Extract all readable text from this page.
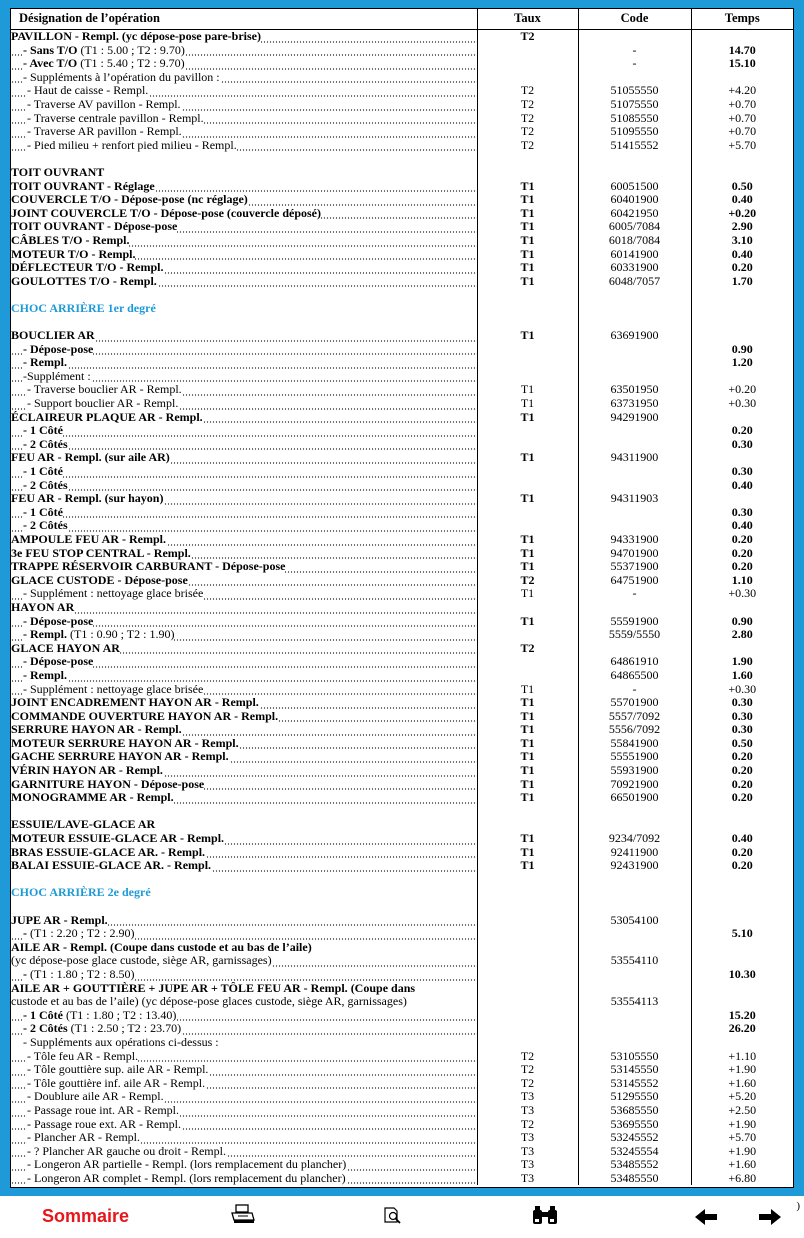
Désignation de l’opération	Taux	Code	Temps
PAVILLON - Rempl. (yc dépose-pose pare-brise)	T2		
- Sans T/O (T1 : 5.00 ; T2 : 9.70)		-	14.70
- Avec T/O (T1 : 5.40 ; T2 : 9.70)		-	15.10
- Suppléments à l’opération du pavillon :			
- Haut de caisse - Rempl.	T2	51055550	+4.20
- Traverse AV pavillon - Rempl.	T2	51075550	+0.70
- Traverse centrale pavillon - Rempl.	T2	51085550	+0.70
- Traverse AR pavillon - Rempl.	T2	51095550	+0.70
- Pied milieu + renfort pied milieu - Rempl.	T2	51415552	+5.70

TOIT OUVRANT			
TOIT OUVRANT - Réglage	T1	60051500	0.50
COUVERCLE T/O - Dépose-pose (nc réglage)	T1	60401900	0.40
JOINT COUVERCLE T/O - Dépose-pose (couvercle déposé)	T1	60421950	+0.20
TOIT OUVRANT - Dépose-pose	T1	6005/7084	2.90
CÂBLES T/O - Rempl.	T1	6018/7084	3.10
MOTEUR T/O - Rempl.	T1	60141900	0.40
DÉFLECTEUR T/O - Rempl.	T1	60331900	0.20
GOULOTTES T/O - Rempl.	T1	6048/7057	1.70

CHOC ARRIÈRE 1er degré			

BOUCLIER AR	T1	63691900	
- Dépose-pose			0.90
- Rempl.			1.20
-Supplément :			
- Traverse bouclier AR - Rempl.	T1	63501950	+0.20
- Support bouclier AR - Rempl.	T1	63731950	+0.30
ÉCLAIREUR PLAQUE AR - Rempl.	T1	94291900	
- 1 Côté			0.20
- 2 Côtés			0.30
FEU AR - Rempl. (sur aile AR)	T1	94311900	
- 1 Côté			0.30
- 2 Côtés			0.40
FEU AR - Rempl. (sur hayon)	T1	94311903	
- 1 Côté			0.30
- 2 Côtés			0.40
AMPOULE FEU AR - Rempl.	T1	94331900	0.20
3e FEU STOP CENTRAL - Rempl.	T1	94701900	0.20
TRAPPE RÉSERVOIR CARBURANT - Dépose-pose	T1	55371900	0.20
GLACE CUSTODE - Dépose-pose	T2	64751900	1.10
- Supplément : nettoyage glace brisée	T1	-	+0.30
HAYON AR			
- Dépose-pose	T1	55591900	0.90
- Rempl. (T1 : 0.90 ; T2 : 1.90)		5559/5550	2.80
GLACE HAYON AR	T2		
- Dépose-pose		64861910	1.90
- Rempl.		64865500	1.60
- Supplément : nettoyage glace brisée	T1	-	+0.30
JOINT ENCADREMENT HAYON AR - Rempl.	T1	55701900	0.30
COMMANDE OUVERTURE HAYON AR - Rempl.	T1	5557/7092	0.30
SERRURE HAYON AR - Rempl.	T1	5556/7092	0.30
MOTEUR SERRURE HAYON AR - Rempl.	T1	55841900	0.50
GACHE SERRURE HAYON AR - Rempl.	T1	55551900	0.20
VÉRIN HAYON AR - Rempl.	T1	55931900	0.20
GARNITURE HAYON - Dépose-pose	T1	70921900	0.20
MONOGRAMME AR - Rempl.	T1	66501900	0.20

ESSUIE/LAVE-GLACE AR			
MOTEUR ESSUIE-GLACE AR - Rempl.	T1	9234/7092	0.40
BRAS ESSUIE-GLACE AR. - Rempl.	T1	92411900	0.20
BALAI ESSUIE-GLACE AR. - Rempl.	T1	92431900	0.20

CHOC ARRIÈRE 2e degré			

JUPE AR - Rempl.		53054100	
- (T1 : 2.20 ; T2 : 2.90)			5.10
AILE AR - Rempl. (Coupe dans custode et au bas de l’aile)			
(yc dépose-pose glace custode, siège AR, garnissages)		53554110	
- (T1 : 1.80 ; T2 : 8.50)			10.30
AILE AR + GOUTTIÈRE + JUPE AR + TÔLE FEU AR - Rempl. (Coupe dans			
custode et au bas de l’aile) (yc dépose-pose glaces custode, siège AR, garnissages)		53554113	
- 1 Côté (T1 : 1.80 ; T2 : 13.40)			15.20
- 2 Côtés (T1 : 2.50 ; T2 : 23.70)			26.20
- Suppléments aux opérations ci-dessus :			
- Tôle feu AR - Rempl.	T2	53105550	+1.10
- Tôle gouttière sup. aile AR - Rempl.	T2	53145550	+1.90
- Tôle gouttière inf. aile AR - Rempl.	T2	53145552	+1.60
- Doublure aile AR - Rempl.	T3	51295550	+5.20
- Passage roue int. AR - Rempl.	T3	53685550	+2.50
- Passage roue ext. AR - Rempl.	T2	53695550	+1.90
- Plancher AR - Rempl.	T3	53245552	+5.70
- ? Plancher AR gauche ou droit - Rempl.	T3	53245554	+1.90
- Longeron AR partielle - Rempl. (lors remplacement du plancher)	T3	53485552	+1.60
- Longeron AR complet - Rempl. (lors remplacement du plancher)	T3	53485550	+6.80
Sommaire	)
